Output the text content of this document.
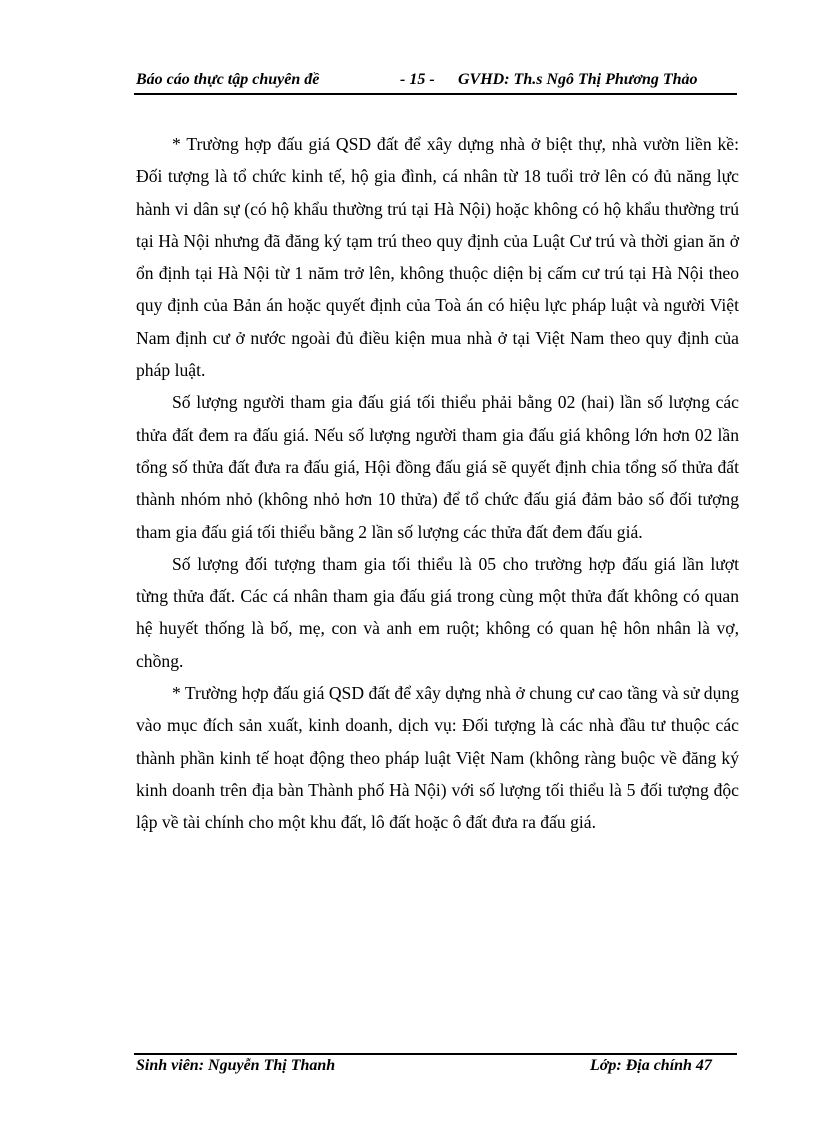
Báo cáo thực tập chuyên đề	- 15 - GVHD: Th.s Ngô Thị Phương Thảo

* Trường hợp đấu giá QSD đất để xây dựng nhà ở biệt thự, nhà vườn liền kề: Đối tượng là tổ chức kinh tế, hộ gia đình, cá nhân từ 18 tuổi trở lên có đủ năng lực hành vi dân sự (có hộ khẩu thường trú tại Hà Nội) hoặc không có hộ khẩu thường trú tại Hà Nội nhưng đã đăng ký tạm trú theo quy định của Luật Cư trú và thời gian ăn ở ổn định tại Hà Nội từ 1 năm trở lên, không thuộc diện bị cấm cư trú tại Hà Nội theo quy định của Bản án hoặc quyết định của Toà án có hiệu lực pháp luật và người Việt Nam định cư ở nước ngoài đủ điều kiện mua nhà ở tại Việt Nam theo quy định của pháp luật.

Số lượng người tham gia đấu giá tối thiểu phải bằng 02 (hai) lần số lượng các thửa đất đem ra đấu giá. Nếu số lượng người tham gia đấu giá không lớn hơn 02 lần tổng số thửa đất đưa ra đấu giá, Hội đồng đấu giá sẽ quyết định chia tổng số thửa đất thành nhóm nhỏ (không nhỏ hơn 10 thửa) để tổ chức đấu giá đảm bảo số đối tượng tham gia đấu giá tối thiểu bằng 2 lần số lượng các thửa đất đem đấu giá.

Số lượng đối tượng tham gia tối thiểu là 05 cho trường hợp đấu giá lần lượt từng thửa đất. Các cá nhân tham gia đấu giá trong cùng một thửa đất không có quan hệ huyết thống là bố, mẹ, con và anh em ruột; không có quan hệ hôn nhân là vợ, chồng.

* Trường hợp đấu giá QSD đất để xây dựng nhà ở chung cư cao tầng và sử dụng vào mục đích sản xuất, kinh doanh, dịch vụ: Đối tượng là các nhà đầu tư thuộc các thành phần kinh tế hoạt động theo pháp luật Việt Nam (không ràng buộc về đăng ký kinh doanh trên địa bàn Thành phố Hà Nội) với số lượng tối thiểu là 5 đối tượng độc lập về tài chính cho một khu đất, lô đất hoặc ô đất đưa ra đấu giá.

Sinh viên: Nguyễn Thị Thanh	Lớp: Địa chính 47
